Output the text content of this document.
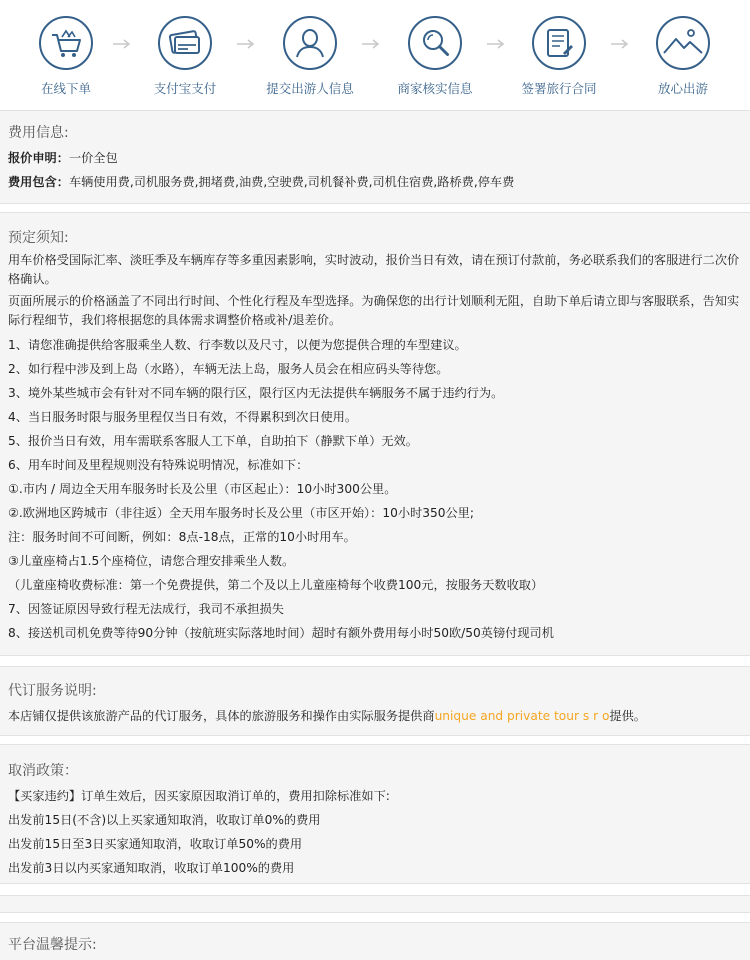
在线下单	支付宝支付	提交出游人信息	商家核实信息	签署旅行合同	放心出游
费用信息:

报价申明：一价全包

费用包含：车辆使用费,司机服务费,拥堵费,油费,空驶费,司机餐补费,司机住宿费,路桥费,停车费

预定须知:

用车价格受国际汇率、淡旺季及车辆库存等多重因素影响，实时波动，报价当日有效，请在预订付款前，务必联系我们的客服进行二次价格确认。

页面所展示的价格涵盖了不同出行时间、个性化行程及车型选择。为确保您的出行计划顺利无阻，自助下单后请立即与客服联系，告知实际行程细节，我们将根据您的具体需求调整价格或补/退差价。

1、请您准确提供给客服乘坐人数、行李数以及尺寸，以便为您提供合理的车型建议。

2、如行程中涉及到上岛（水路），车辆无法上岛，服务人员会在相应码头等待您。

3、境外某些城市会有针对不同车辆的限行区，限行区内无法提供车辆服务不属于违约行为。

4、当日服务时限与服务里程仅当日有效，不得累积到次日使用。

5、报价当日有效，用车需联系客服人工下单，自助拍下（静默下单）无效。

6、用车时间及里程规则没有特殊说明情况，标准如下：

①.市内 / 周边全天用车服务时长及公里（市区起止）：10小时300公里。

②.欧洲地区跨城市（非往返）全天用车服务时长及公里（市区开始）：10小时350公里;

注：服务时间不可间断，例如：8点-18点，正常的10小时用车。

③儿童座椅占1.5个座椅位，请您合理安排乘坐人数。

（儿童座椅收费标准：第一个免费提供，第二个及以上儿童座椅每个收费100元，按服务天数收取）

7、因签证原因导致行程无法成行，我司不承担损失

8、接送机司机免费等待90分钟（按航班实际落地时间）超时有额外费用每小时50欧/50英镑付现司机

代订服务说明:

本店铺仅提供该旅游产品的代订服务，具体的旅游服务和操作由实际服务提供商unique and private tour s r o提供。

取消政策：

【买家违约】订单生效后，因买家原因取消订单的，费用扣除标准如下:

出发前15日(不含)以上买家通知取消，收取订单0%的费用

出发前15日至3日买家通知取消，收取订单50%的费用

出发前3日以内买家通知取消，收取订单100%的费用

平台温馨提示:
